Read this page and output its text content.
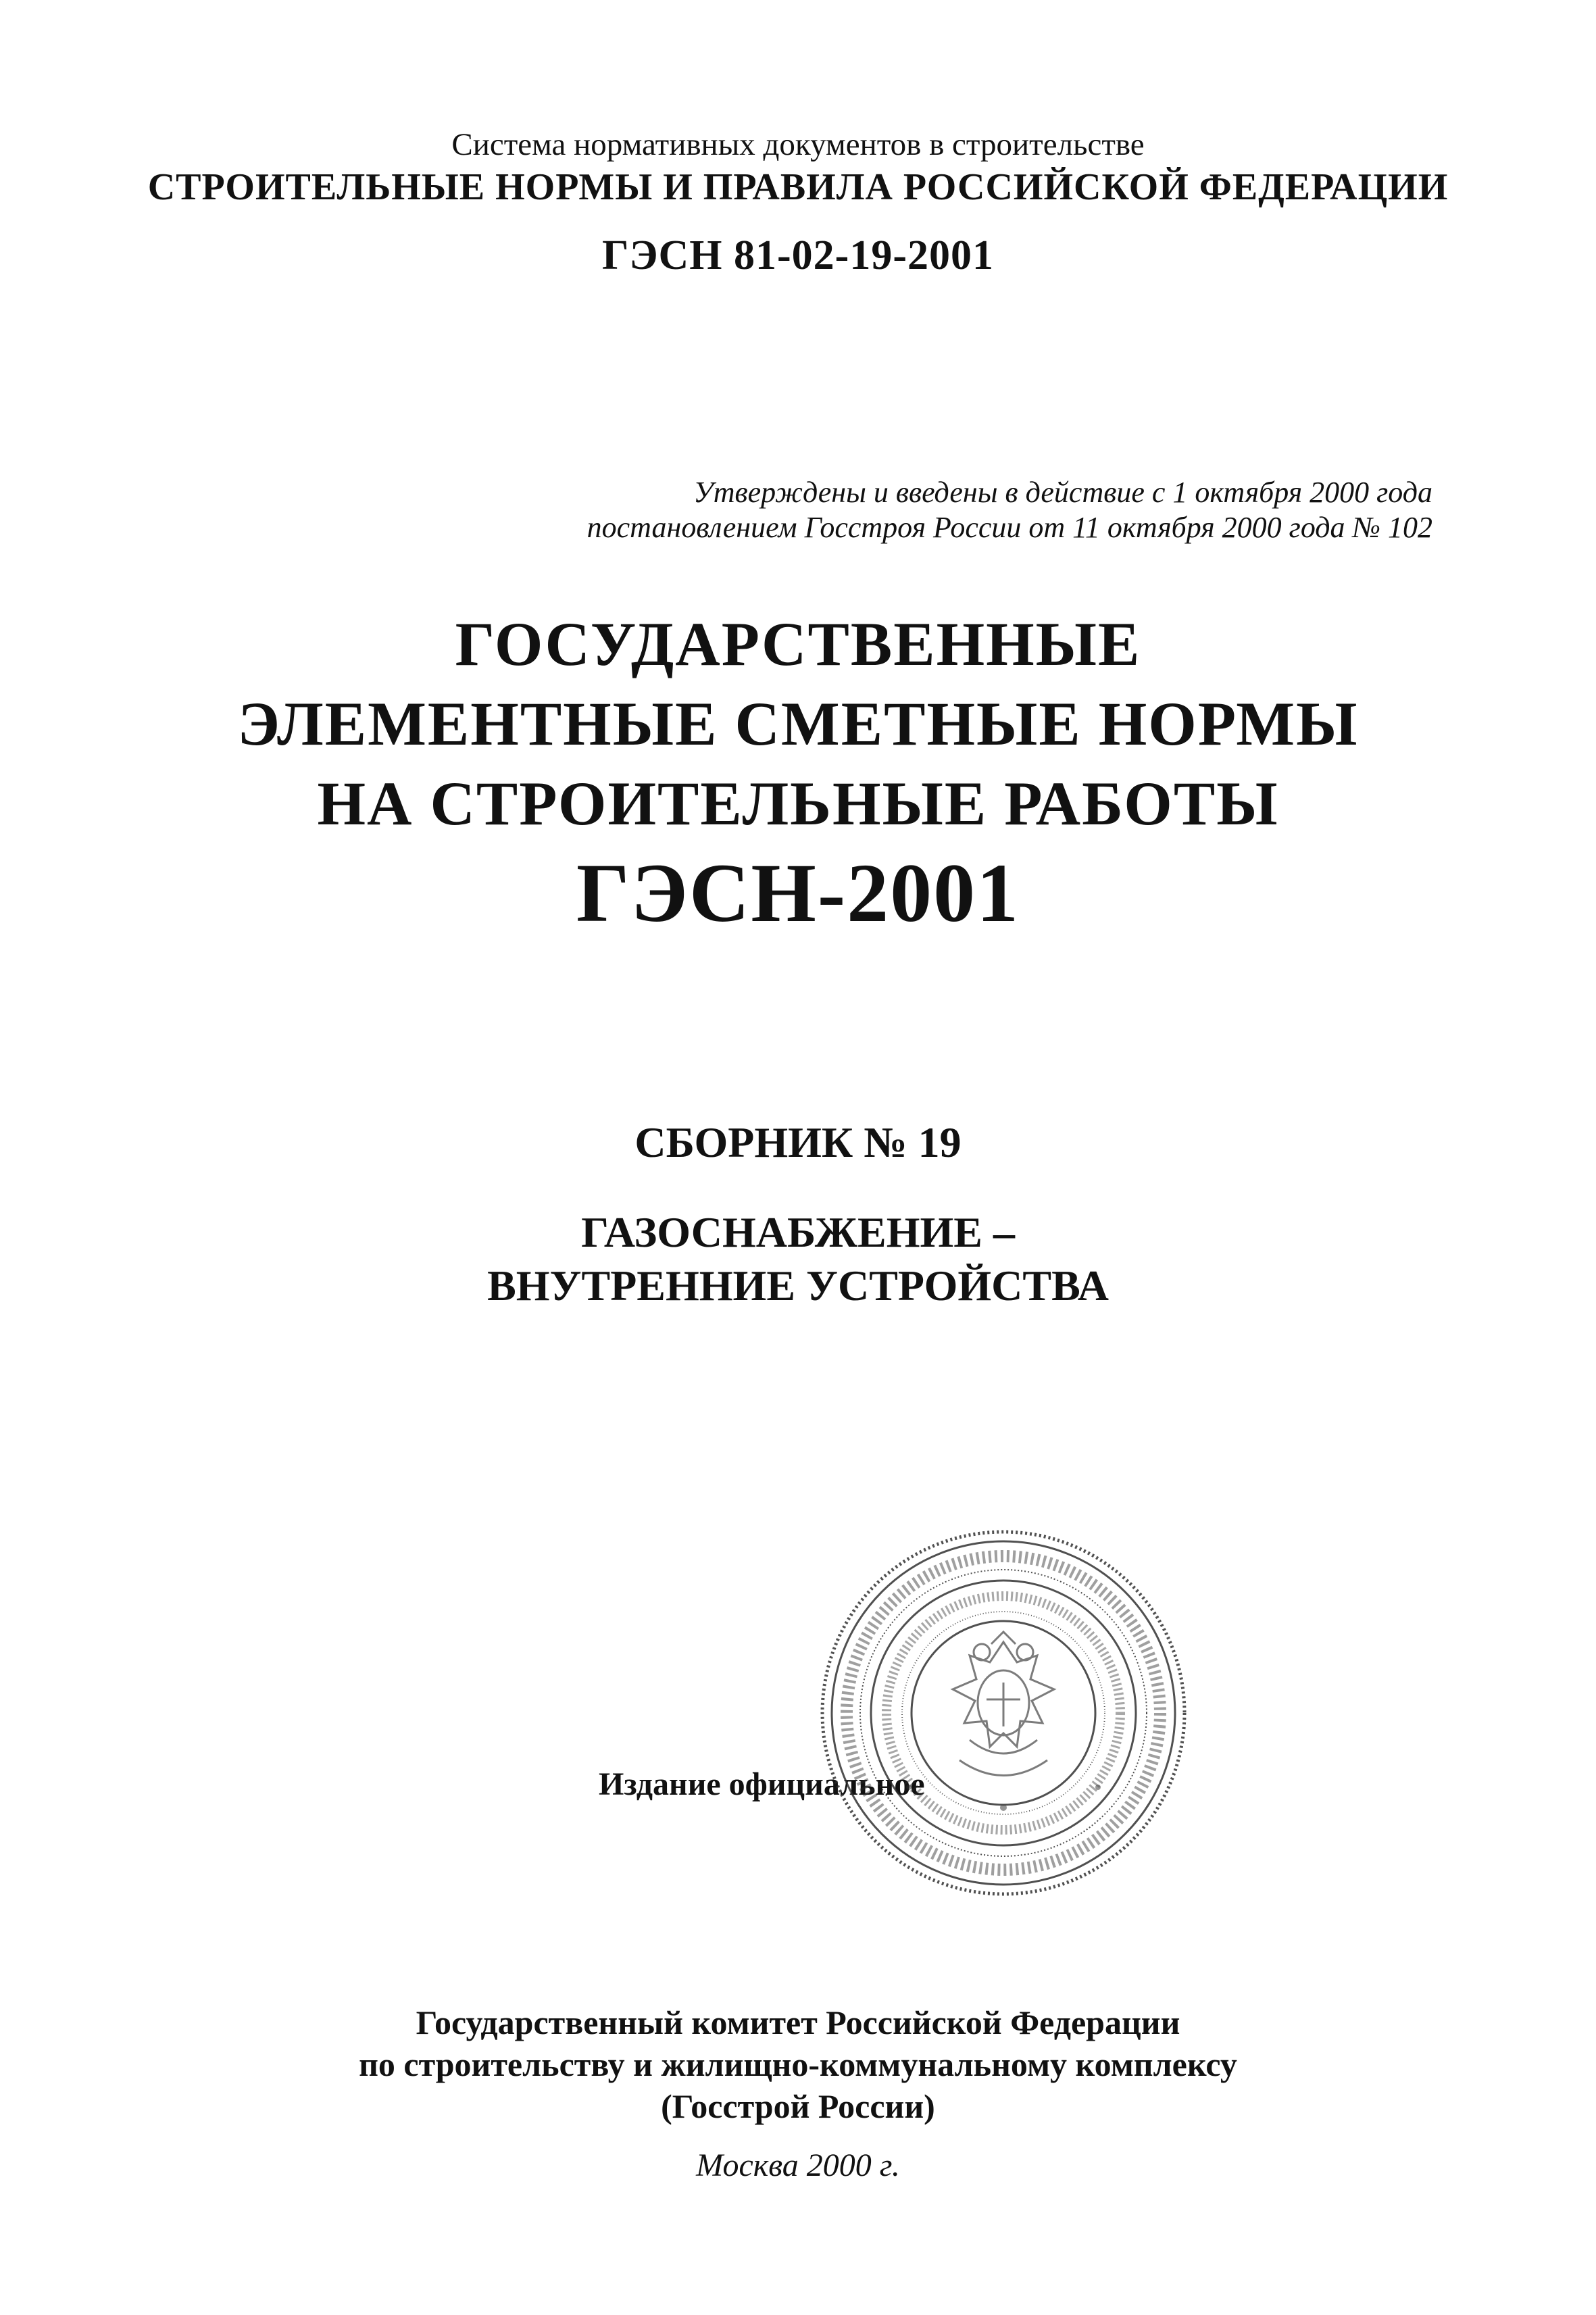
Система нормативных документов в строительстве
СТРОИТЕЛЬНЫЕ НОРМЫ И ПРАВИЛА РОССИЙСКОЙ ФЕДЕРАЦИИ
ГЭСН 81-02-19-2001
Утверждены и введены в действие с 1 октября 2000 года
постановлением Госстроя России от 11 октября 2000 года № 102
ГОСУДАРСТВЕННЫЕ
ЭЛЕМЕНТНЫЕ СМЕТНЫЕ НОРМЫ
НА СТРОИТЕЛЬНЫЕ РАБОТЫ
ГЭСН-2001
СБОРНИК № 19
ГАЗОСНАБЖЕНИЕ –
ВНУТРЕННИЕ УСТРОЙСТВА
Издание официальное
Государственный комитет Российской Федерации
по строительству и жилищно-коммунальному комплексу
(Госстрой России)
Москва 2000 г.
